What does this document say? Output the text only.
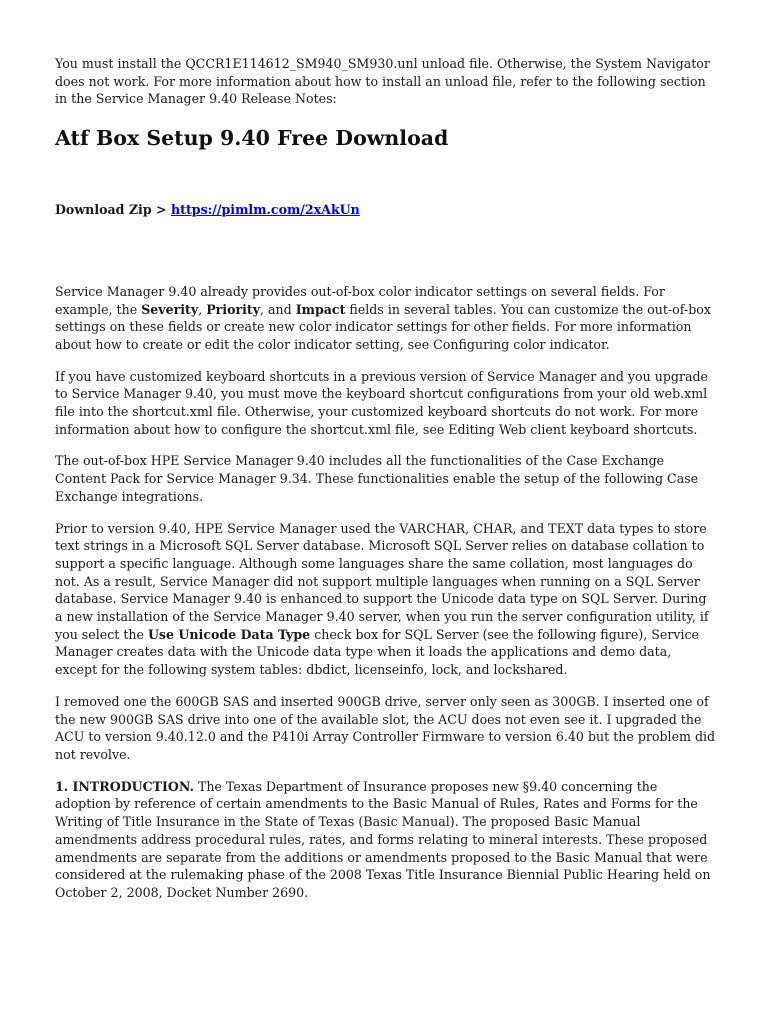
You must install the QCCR1E114612_SM940_SM930.unl unload file. Otherwise, the System Navigator does not work. For more information about how to install an unload file, refer to the following section in the Service Manager 9.40 Release Notes:

Atf Box Setup 9.40 Free Download

Download Zip > https://pimlm.com/2xAkUn

Service Manager 9.40 already provides out-of-box color indicator settings on several fields. For example, the Severity, Priority, and Impact fields in several tables. You can customize the out-of-box settings on these fields or create new color indicator settings for other fields. For more information about how to create or edit the color indicator setting, see Configuring color indicator.

If you have customized keyboard shortcuts in a previous version of Service Manager and you upgrade to Service Manager 9.40, you must move the keyboard shortcut configurations from your old web.xml file into the shortcut.xml file. Otherwise, your customized keyboard shortcuts do not work. For more information about how to configure the shortcut.xml file, see Editing Web client keyboard shortcuts.

The out-of-box HPE Service Manager 9.40 includes all the functionalities of the Case Exchange Content Pack for Service Manager 9.34. These functionalities enable the setup of the following Case Exchange integrations.

Prior to version 9.40, HPE Service Manager used the VARCHAR, CHAR, and TEXT data types to store text strings in a Microsoft SQL Server database. Microsoft SQL Server relies on database collation to support a specific language. Although some languages share the same collation, most languages do not. As a result, Service Manager did not support multiple languages when running on a SQL Server database. Service Manager 9.40 is enhanced to support the Unicode data type on SQL Server. During a new installation of the Service Manager 9.40 server, when you run the server configuration utility, if you select the Use Unicode Data Type check box for SQL Server (see the following figure), Service Manager creates data with the Unicode data type when it loads the applications and demo data, except for the following system tables: dbdict, licenseinfo, lock, and lockshared.

I removed one the 600GB SAS and inserted 900GB drive, server only seen as 300GB. I inserted one of the new 900GB SAS drive into one of the available slot, the ACU does not even see it. I upgraded the ACU to version 9.40.12.0 and the P410i Array Controller Firmware to version 6.40 but the problem did not revolve.

1. INTRODUCTION. The Texas Department of Insurance proposes new §9.40 concerning the adoption by reference of certain amendments to the Basic Manual of Rules, Rates and Forms for the Writing of Title Insurance in the State of Texas (Basic Manual). The proposed Basic Manual amendments address procedural rules, rates, and forms relating to mineral interests. These proposed amendments are separate from the additions or amendments proposed to the Basic Manual that were considered at the rulemaking phase of the 2008 Texas Title Insurance Biennial Public Hearing held on October 2, 2008, Docket Number 2690.
